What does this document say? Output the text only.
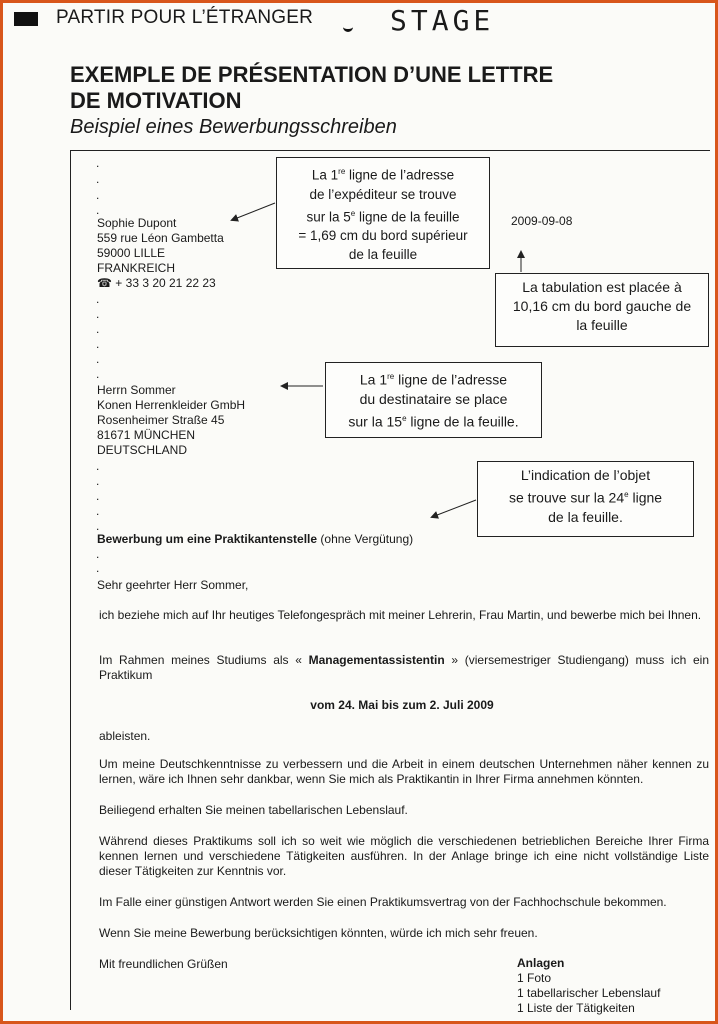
PARTIR POUR L’ÉTRANGER	STAGE
EXEMPLE DE PRÉSENTATION D’UNE LETTRE
DE MOTIVATION
Beispiel eines Bewerbungsschreiben
.
.
.
.
.
.
.
.
.
.
.
.
.
.
.
.
.
Sophie Dupont
559 rue Léon Gambetta
59000 LILLE
FRANKREICH
☎ + 33 3 20 21 22 23
2009-09-08
La 1re ligne de l’adresse
de l’expéditeur se trouve
sur la 5e ligne de la feuille
= 1,69 cm du bord supérieur
de la feuille
La tabulation est placée à
10,16 cm du bord gauche de
la feuille
Herrn Sommer
Konen Herrenkleider GmbH
Rosenheimer Straße 45
81671 MÜNCHEN
DEUTSCHLAND
La 1re ligne de l’adresse
du destinataire se place
sur la 15e ligne de la feuille.
L’indication de l’objet
se trouve sur la 24e ligne
de la feuille.
Bewerbung um eine Praktikantenstelle (ohne Vergütung)
Sehr geehrter Herr Sommer,
ich beziehe mich auf Ihr heutiges Telefongespräch mit meiner Lehrerin, Frau Martin, und bewerbe mich bei Ihnen.
Im Rahmen meines Studiums als « Managementassistentin » (viersemestriger Studiengang) muss ich ein Praktikum
vom 24. Mai bis zum 2. Juli 2009
ableisten.
Um meine Deutschkenntnisse zu verbessern und die Arbeit in einem deutschen Unternehmen näher kennen zu lernen, wäre ich Ihnen sehr dankbar, wenn Sie mich als Praktikantin in Ihrer Firma annehmen könnten.
Beiliegend erhalten Sie meinen tabellarischen Lebenslauf.
Während dieses Praktikums soll ich so weit wie möglich die verschiedenen betrieblichen Bereiche Ihrer Firma kennen lernen und verschiedene Tätigkeiten ausführen. In der Anlage bringe ich eine nicht vollständige Liste dieser Tätigkeiten zur Kenntnis vor.
Im Falle einer günstigen Antwort werden Sie einen Praktikumsvertrag von der Fachhochschule bekommen.
Wenn Sie meine Bewerbung berücksichtigen könnten, würde ich mich sehr freuen.
Mit freundlichen Grüßen	Anlagen
1 Foto
1 tabellarischer Lebenslauf
1 Liste der Tätigkeiten
